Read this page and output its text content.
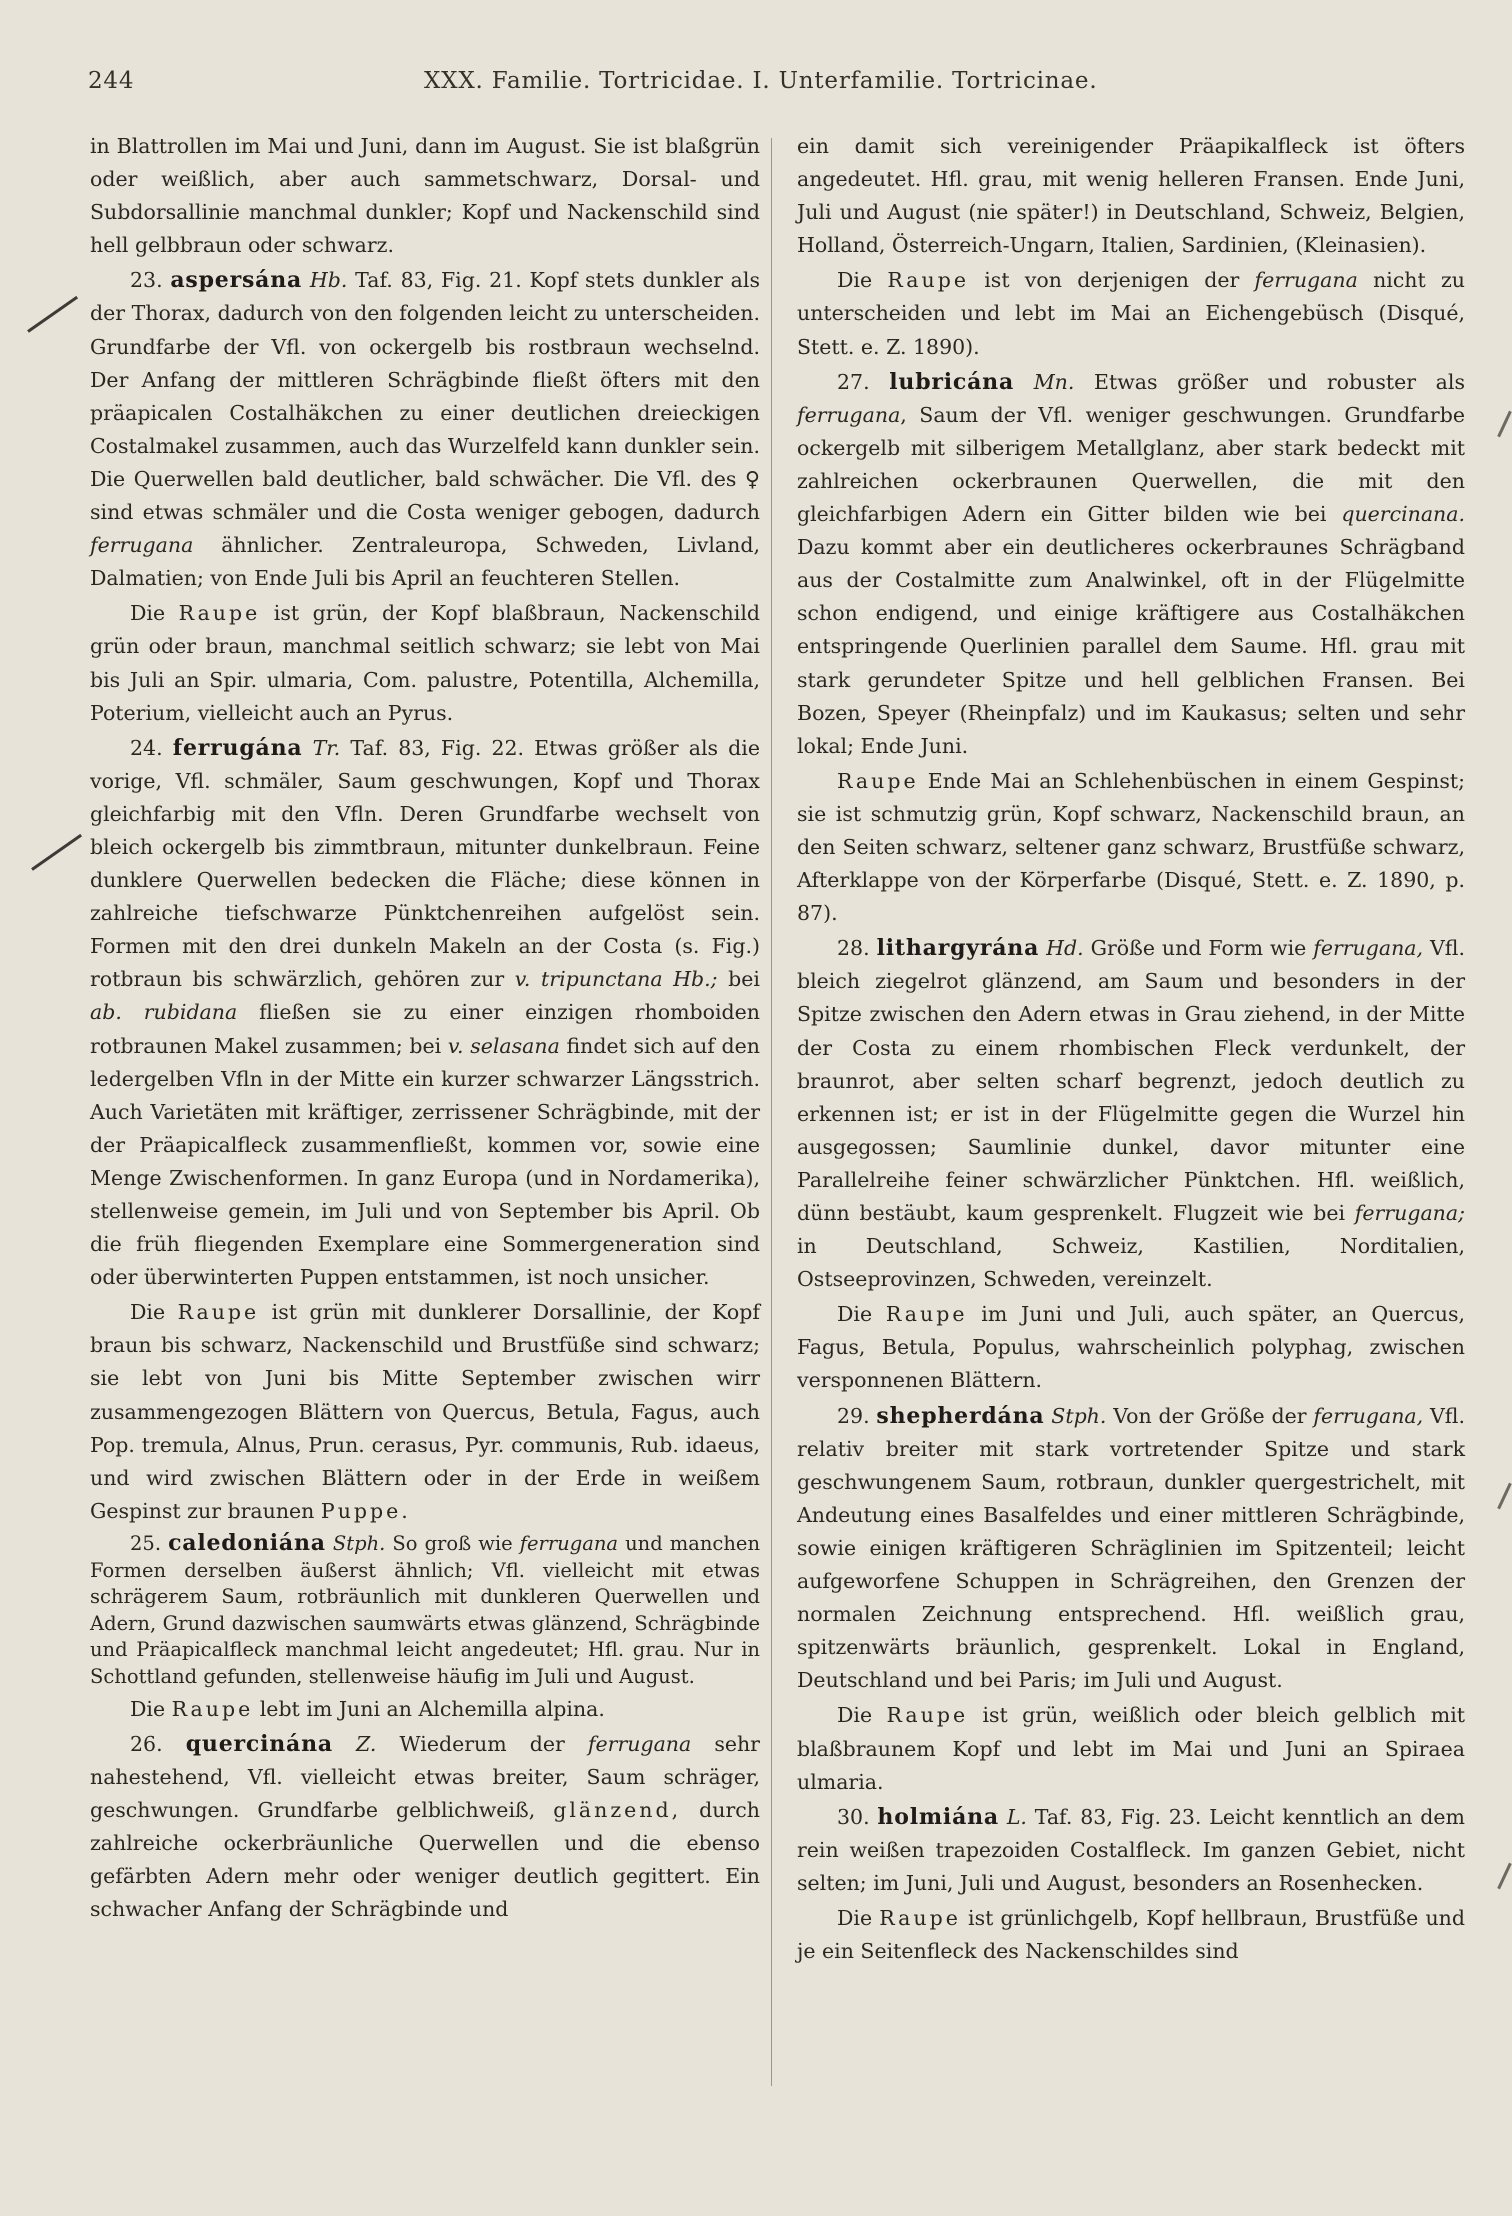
244	XXX. Familie. Tortricidae. I. Unterfamilie. Tortricinae.

in Blattrollen im Mai und Juni, dann im August. Sie ist blaßgrün oder weißlich, aber auch sammetschwarz, Dorsal- und Subdorsallinie manchmal dunkler; Kopf und Nackenschild sind hell gelbbraun oder schwarz.

23. aspersána Hb. Taf. 83, Fig. 21. Kopf stets dunkler als der Thorax, dadurch von den folgenden leicht zu unterscheiden. Grundfarbe der Vfl. von ockergelb bis rostbraun wechselnd. Der Anfang der mittleren Schrägbinde fließt öfters mit den präapicalen Costalhäkchen zu einer deutlichen dreieckigen Costalmakel zusammen, auch das Wurzelfeld kann dunkler sein. Die Querwellen bald deutlicher, bald schwächer. Die Vfl. des ♀ sind etwas schmäler und die Costa weniger gebogen, dadurch ferrugana ähnlicher. Zentraleuropa, Schweden, Livland, Dalmatien; von Ende Juli bis April an feuchteren Stellen.

Die Raupe ist grün, der Kopf blaßbraun, Nackenschild grün oder braun, manchmal seitlich schwarz; sie lebt von Mai bis Juli an Spir. ulmaria, Com. palustre, Potentilla, Alchemilla, Poterium, vielleicht auch an Pyrus.

24. ferrugána Tr. Taf. 83, Fig. 22. Etwas größer als die vorige, Vfl. schmäler, Saum geschwungen, Kopf und Thorax gleichfarbig mit den Vfln. Deren Grundfarbe wechselt von bleich ockergelb bis zimmtbraun, mitunter dunkelbraun. Feine dunklere Querwellen bedecken die Fläche; diese können in zahlreiche tiefschwarze Pünktchenreihen aufgelöst sein. Formen mit den drei dunkeln Makeln an der Costa (s. Fig.) rotbraun bis schwärzlich, gehören zur v. tripunctana Hb.; bei ab. rubidana fließen sie zu einer einzigen rhomboiden rotbraunen Makel zusammen; bei v. selasana findet sich auf den ledergelben Vfln in der Mitte ein kurzer schwarzer Längsstrich. Auch Varietäten mit kräftiger, zerrissener Schrägbinde, mit der der Präapicalfleck zusammenfließt, kommen vor, sowie eine Menge Zwischenformen. In ganz Europa (und in Nordamerika), stellenweise gemein, im Juli und von September bis April. Ob die früh fliegenden Exemplare eine Sommergeneration sind oder überwinterten Puppen entstammen, ist noch unsicher.

Die Raupe ist grün mit dunklerer Dorsallinie, der Kopf braun bis schwarz, Nackenschild und Brustfüße sind schwarz; sie lebt von Juni bis Mitte September zwischen wirr zusammengezogen Blättern von Quercus, Betula, Fagus, auch Pop. tremula, Alnus, Prun. cerasus, Pyr. communis, Rub. idaeus, und wird zwischen Blättern oder in der Erde in weißem Gespinst zur braunen Puppe.

25. caledoniána Stph. So groß wie ferrugana und manchen Formen derselben äußerst ähnlich; Vfl. vielleicht mit etwas schrägerem Saum, rotbräunlich mit dunkleren Querwellen und Adern, Grund dazwischen saumwärts etwas glänzend, Schrägbinde und Präapicalfleck manchmal leicht angedeutet; Hfl. grau. Nur in Schottland gefunden, stellenweise häufig im Juli und August.

Die Raupe lebt im Juni an Alchemilla alpina.

26. quercinána Z. Wiederum der ferrugana sehr nahestehend, Vfl. vielleicht etwas breiter, Saum schräger, geschwungen. Grundfarbe gelblichweiß, glänzend, durch zahlreiche ockerbräunliche Querwellen und die ebenso gefärbten Adern mehr oder weniger deutlich gegittert. Ein schwacher Anfang der Schrägbinde und

ein damit sich vereinigender Präapikalfleck ist öfters angedeutet. Hfl. grau, mit wenig helleren Fransen. Ende Juni, Juli und August (nie später!) in Deutschland, Schweiz, Belgien, Holland, Österreich-Ungarn, Italien, Sardinien, (Kleinasien).

Die Raupe ist von derjenigen der ferrugana nicht zu unterscheiden und lebt im Mai an Eichengebüsch (Disqué, Stett. e. Z. 1890).

27. lubricána Mn. Etwas größer und robuster als ferrugana, Saum der Vfl. weniger geschwungen. Grundfarbe ockergelb mit silberigem Metallglanz, aber stark bedeckt mit zahlreichen ockerbraunen Querwellen, die mit den gleichfarbigen Adern ein Gitter bilden wie bei quercinana. Dazu kommt aber ein deutlicheres ockerbraunes Schrägband aus der Costalmitte zum Analwinkel, oft in der Flügelmitte schon endigend, und einige kräftigere aus Costalhäkchen entspringende Querlinien parallel dem Saume. Hfl. grau mit stark gerundeter Spitze und hell gelblichen Fransen. Bei Bozen, Speyer (Rheinpfalz) und im Kaukasus; selten und sehr lokal; Ende Juni.

Raupe Ende Mai an Schlehenbüschen in einem Gespinst; sie ist schmutzig grün, Kopf schwarz, Nackenschild braun, an den Seiten schwarz, seltener ganz schwarz, Brustfüße schwarz, Afterklappe von der Körperfarbe (Disqué, Stett. e. Z. 1890, p. 87).

28. lithargyrána Hd. Größe und Form wie ferrugana, Vfl. bleich ziegelrot glänzend, am Saum und besonders in der Spitze zwischen den Adern etwas in Grau ziehend, in der Mitte der Costa zu einem rhombischen Fleck verdunkelt, der braunrot, aber selten scharf begrenzt, jedoch deutlich zu erkennen ist; er ist in der Flügelmitte gegen die Wurzel hin ausgegossen; Saumlinie dunkel, davor mitunter eine Parallelreihe feiner schwärzlicher Pünktchen. Hfl. weißlich, dünn bestäubt, kaum gesprenkelt. Flugzeit wie bei ferrugana; in Deutschland, Schweiz, Kastilien, Norditalien, Ostseeprovinzen, Schweden, vereinzelt.

Die Raupe im Juni und Juli, auch später, an Quercus, Fagus, Betula, Populus, wahrscheinlich polyphag, zwischen versponnenen Blättern.

29. shepherdána Stph. Von der Größe der ferrugana, Vfl. relativ breiter mit stark vortretender Spitze und stark geschwungenem Saum, rotbraun, dunkler quergestrichelt, mit Andeutung eines Basalfeldes und einer mittleren Schrägbinde, sowie einigen kräftigeren Schräglinien im Spitzenteil; leicht aufgeworfene Schuppen in Schrägreihen, den Grenzen der normalen Zeichnung entsprechend. Hfl. weißlich grau, spitzenwärts bräunlich, gesprenkelt. Lokal in England, Deutschland und bei Paris; im Juli und August.

Die Raupe ist grün, weißlich oder bleich gelblich mit blaßbraunem Kopf und lebt im Mai und Juni an Spiraea ulmaria.

30. holmiána L. Taf. 83, Fig. 23. Leicht kenntlich an dem rein weißen trapezoiden Costalfleck. Im ganzen Gebiet, nicht selten; im Juni, Juli und August, besonders an Rosenhecken.

Die Raupe ist grünlichgelb, Kopf hellbraun, Brustfüße und je ein Seitenfleck des Nackenschildes sind
